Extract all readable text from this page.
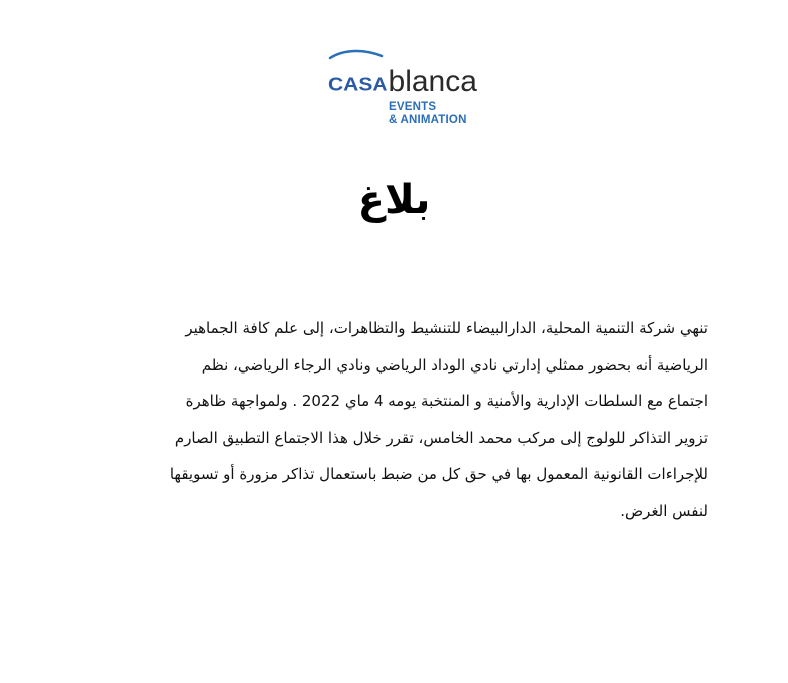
CASA blanca
EVENTS
& ANIMATION
بلاغ
تنهي شركة التنمية المحلية، الدارالبيضاء للتنشيط والتظاهرات، إلى علم كافة الجماهير
الرياضية أنه بحضور ممثلي إدارتي نادي الوداد الرياضي ونادي الرجاء الرياضي، نظم
اجتماع مع السلطات الإدارية والأمنية و المنتخبة يومه 4 ماي 2022 . ولمواجهة ظاهرة
تزوير التذاكر للولوج إلى مركب محمد الخامس، تقرر خلال هذا الاجتماع التطبيق الصارم
للإجراءات القانونية المعمول بها في حق كل من ضبط باستعمال تذاكر مزورة أو تسويقها
لنفس الغرض.
